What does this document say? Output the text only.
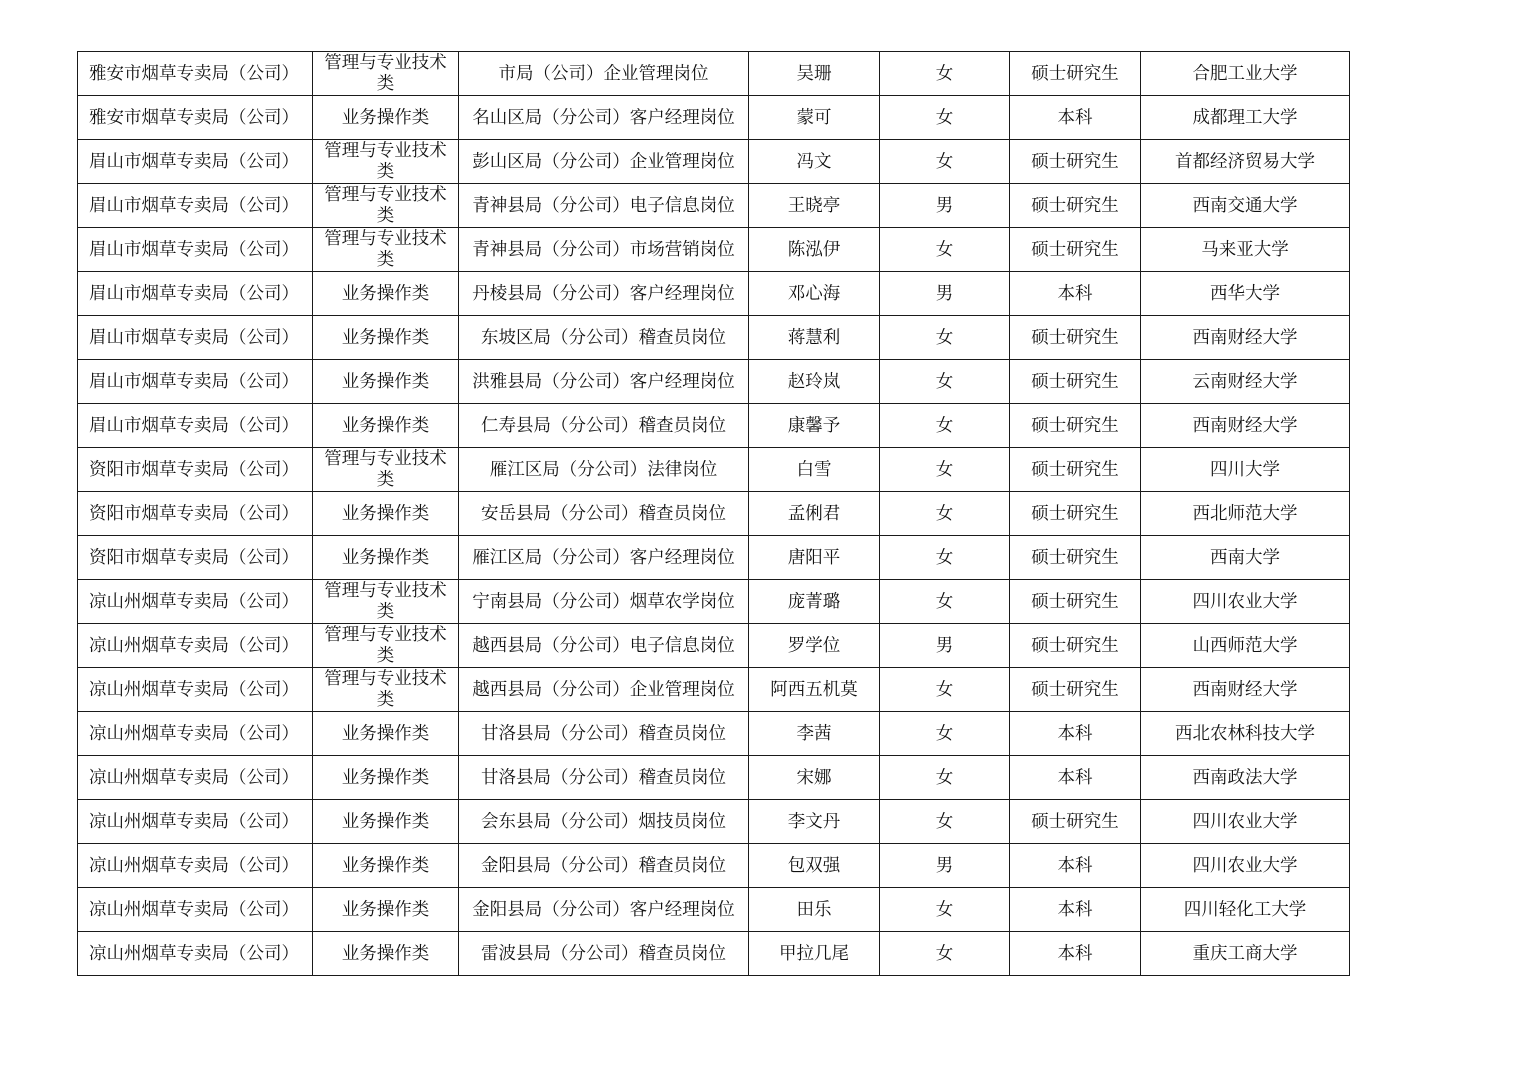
雅安市烟草专卖局（公司）	管理与专业技术类	市局（公司）企业管理岗位	吴珊	女	硕士研究生	合肥工业大学
雅安市烟草专卖局（公司）	业务操作类	名山区局（分公司）客户经理岗位	蒙可	女	本科	成都理工大学
眉山市烟草专卖局（公司）	管理与专业技术类	彭山区局（分公司）企业管理岗位	冯文	女	硕士研究生	首都经济贸易大学
眉山市烟草专卖局（公司）	管理与专业技术类	青神县局（分公司）电子信息岗位	王晓亭	男	硕士研究生	西南交通大学
眉山市烟草专卖局（公司）	管理与专业技术类	青神县局（分公司）市场营销岗位	陈泓伊	女	硕士研究生	马来亚大学
眉山市烟草专卖局（公司）	业务操作类	丹棱县局（分公司）客户经理岗位	邓心海	男	本科	西华大学
眉山市烟草专卖局（公司）	业务操作类	东坡区局（分公司）稽查员岗位	蒋慧利	女	硕士研究生	西南财经大学
眉山市烟草专卖局（公司）	业务操作类	洪雅县局（分公司）客户经理岗位	赵玲岚	女	硕士研究生	云南财经大学
眉山市烟草专卖局（公司）	业务操作类	仁寿县局（分公司）稽查员岗位	康馨予	女	硕士研究生	西南财经大学
资阳市烟草专卖局（公司）	管理与专业技术类	雁江区局（分公司）法律岗位	白雪	女	硕士研究生	四川大学
资阳市烟草专卖局（公司）	业务操作类	安岳县局（分公司）稽查员岗位	孟俐君	女	硕士研究生	西北师范大学
资阳市烟草专卖局（公司）	业务操作类	雁江区局（分公司）客户经理岗位	唐阳平	女	硕士研究生	西南大学
凉山州烟草专卖局（公司）	管理与专业技术类	宁南县局（分公司）烟草农学岗位	庞菁璐	女	硕士研究生	四川农业大学
凉山州烟草专卖局（公司）	管理与专业技术类	越西县局（分公司）电子信息岗位	罗学位	男	硕士研究生	山西师范大学
凉山州烟草专卖局（公司）	管理与专业技术类	越西县局（分公司）企业管理岗位	阿西五机莫	女	硕士研究生	西南财经大学
凉山州烟草专卖局（公司）	业务操作类	甘洛县局（分公司）稽查员岗位	李茜	女	本科	西北农林科技大学
凉山州烟草专卖局（公司）	业务操作类	甘洛县局（分公司）稽查员岗位	宋娜	女	本科	西南政法大学
凉山州烟草专卖局（公司）	业务操作类	会东县局（分公司）烟技员岗位	李文丹	女	硕士研究生	四川农业大学
凉山州烟草专卖局（公司）	业务操作类	金阳县局（分公司）稽查员岗位	包双强	男	本科	四川农业大学
凉山州烟草专卖局（公司）	业务操作类	金阳县局（分公司）客户经理岗位	田乐	女	本科	四川轻化工大学
凉山州烟草专卖局（公司）	业务操作类	雷波县局（分公司）稽查员岗位	甲拉几尾	女	本科	重庆工商大学
